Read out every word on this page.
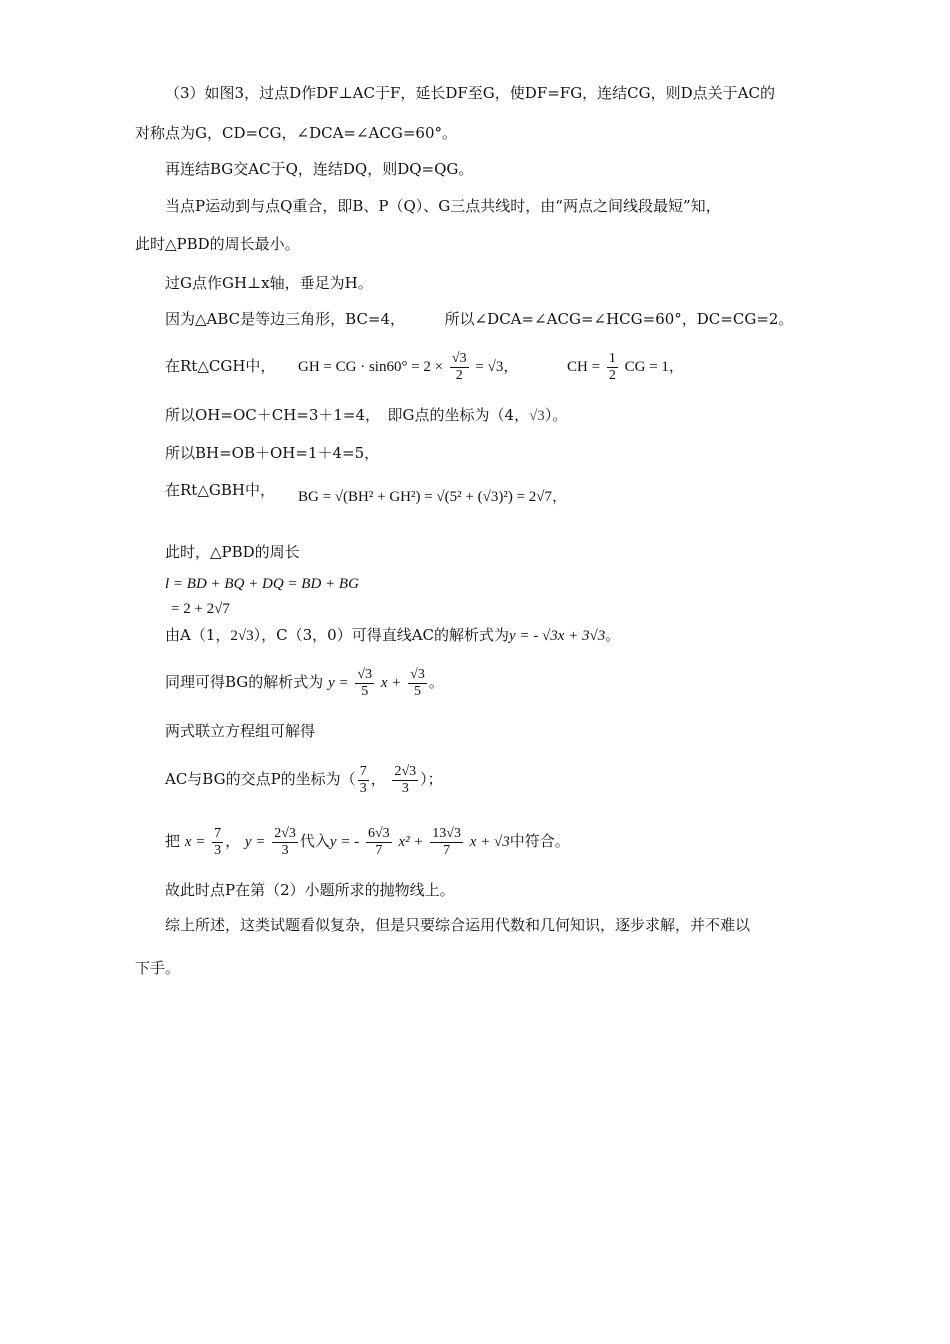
（3）如图3，过点D作DF⊥AC于F，延长DF至G，使DF=FG，连结CG，则D点关于AC的
对称点为G，CD=CG，∠DCA=∠ACG=60°。
再连结BG交AC于Q，连结DQ，则DQ=QG。
当点P运动到与点Q重合，即B、P（Q）、G三点共线时，由“两点之间线段最短”知，
此时△PBD的周长最小。
过G点作GH⊥x轴，垂足为H。
因为△ABC是等边三角形，BC=4，	所以∠DCA=∠ACG=∠HCG=60°，DC=CG=2。
在Rt△CGH中， GH = CG · $\sin 60^\circ = 2 \times \frac{√3}{2} = √3$，	CH = $\frac{1}{2}$ CG = 1，
所以OH=OC＋CH=3＋1=4，　即G点的坐标为（4，√3）。
所以BH=OB＋OH=1＋4=5，
在Rt△GBH中， BG = √(BH² + GH²) = √(5² + (√3)²) = 2√7，
此时，△PBD的周长
l = BD + BQ + DQ = BD + BG
= 2 + 2√7
由A（1，2√3），C（3，0）可得直线AC的解析式为y = - √3x + 3√3。
同理可得BG的解析式为 $y = \frac{√3}{5}$ $x + \frac{√3}{5}$ 。
两式联立方程组可解得
AC与BG的交点P的坐标为（ $\frac{7}{3}$ ， $\frac{2√3}{3}$ ）；
把 $x = \frac{7}{3}$ ， $y = \frac{2√3}{3}$ 代入y = - $\frac{6√3}{7} x^2 + \frac{13√3}{7}$ x + √3中符合。
故此时点P在第（2）小题所求的抛物线上。
综上所述，这类试题看似复杂，但是只要综合运用代数和几何知识，逐步求解，并不难以
下手。
